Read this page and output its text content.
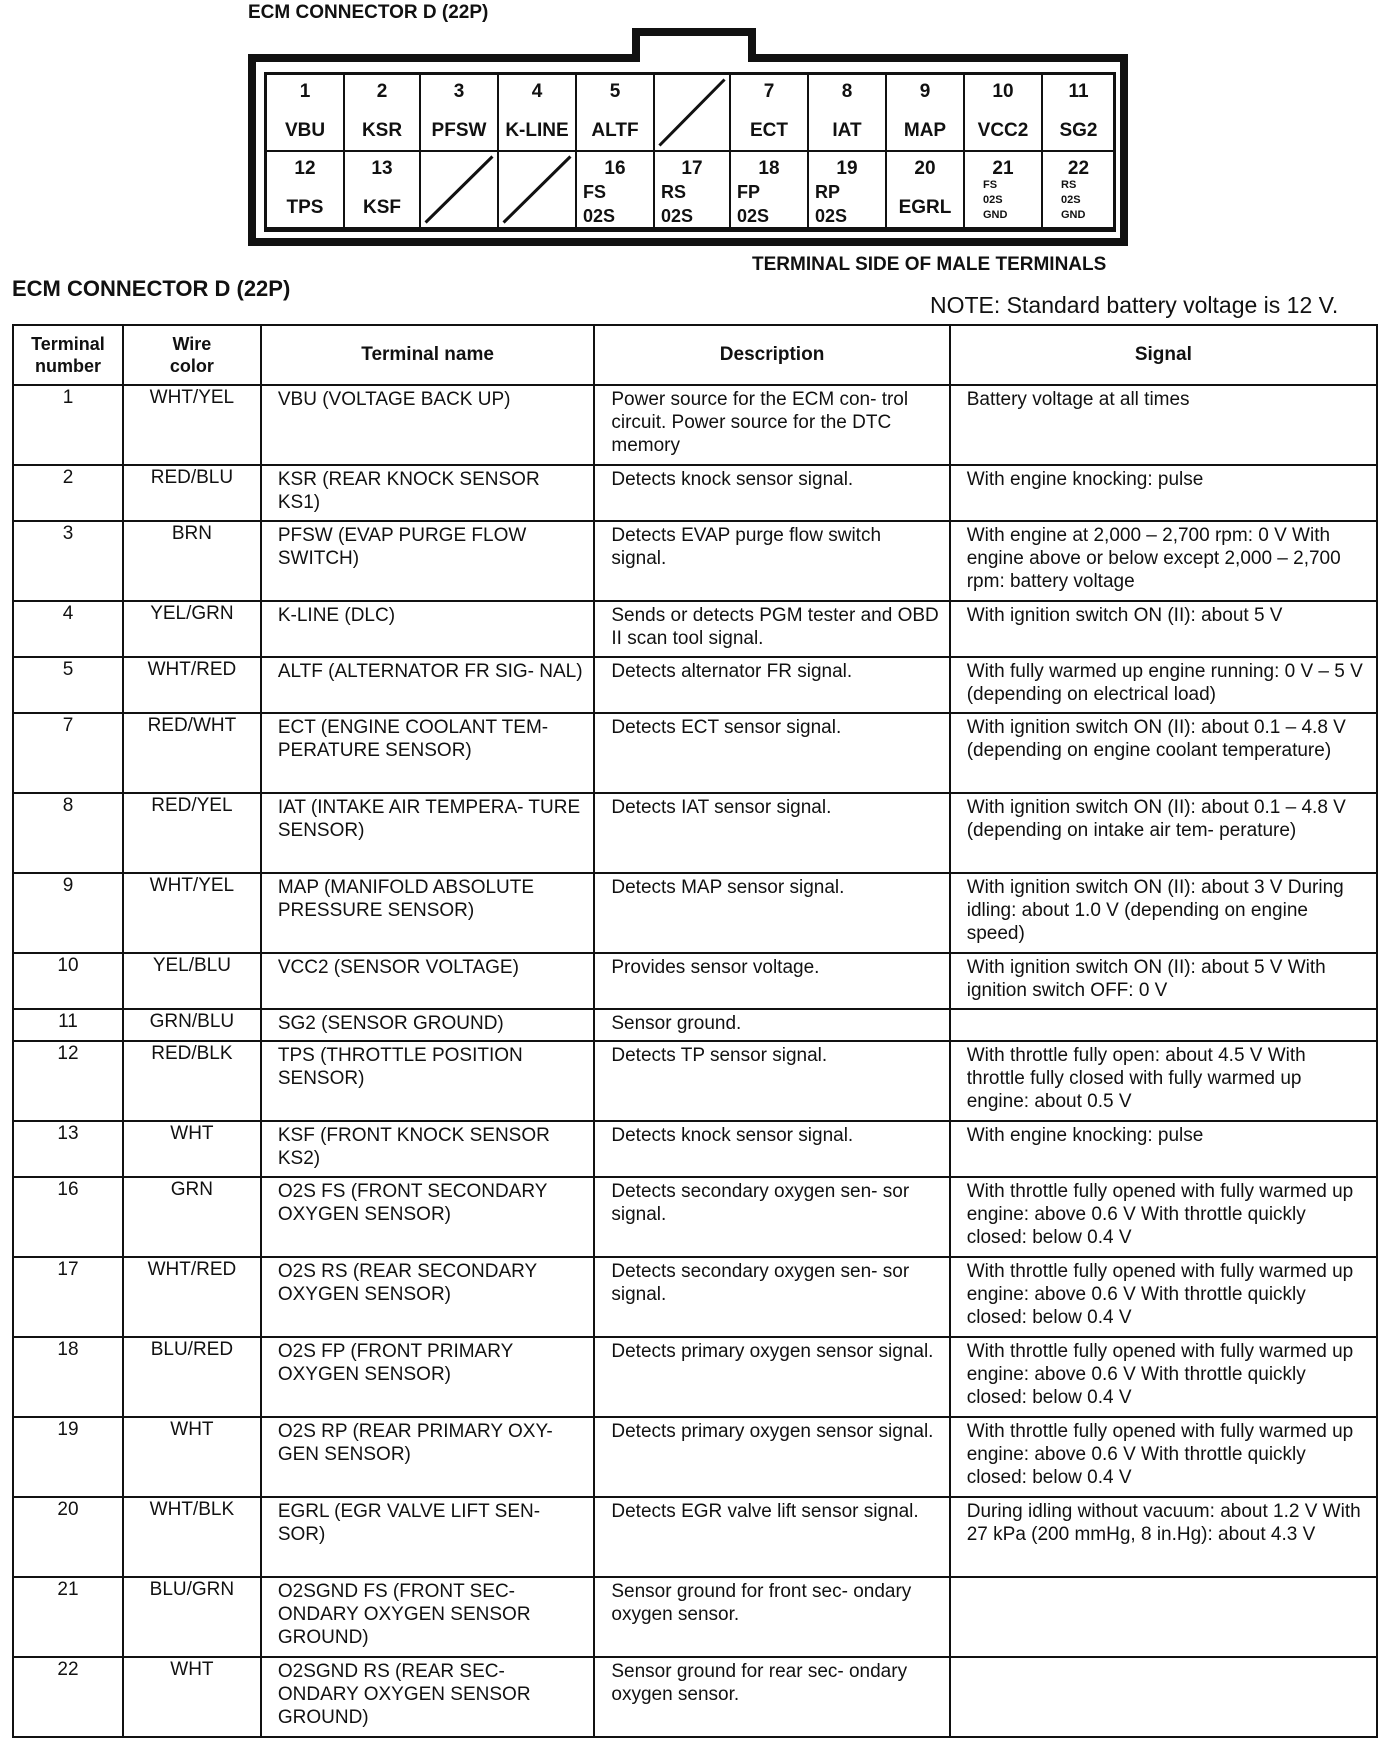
ECM CONNECTOR D (22P)
1
VBU
2
KSR
3
PFSW
4
K-LINE
5
ALTF
7
ECT
8
IAT
9
MAP
10
VCC2
11
SG2
12
TPS
13
KSF
16
FS
02S
17
RS
02S
18
FP
02S
19
RP
02S
20
EGRL
21
FS
02S
GND
22
RS
02S
GND
TERMINAL SIDE OF MALE TERMINALS
ECM CONNECTOR D (22P)
NOTE: Standard battery voltage is 12 V.
Terminal number	Wire color	Terminal name	Description	Signal
1	WHT/YEL	VBU (VOLTAGE BACK UP)	Power source for the ECM con- trol circuit. Power source for the DTC memory	Battery voltage at all times
2	RED/BLU	KSR (REAR KNOCK SENSOR KS1)	Detects knock sensor signal.	With engine knocking: pulse
3	BRN	PFSW (EVAP PURGE FLOW SWITCH)	Detects EVAP purge flow switch signal.	With engine at 2,000 – 2,700 rpm: 0 V With engine above or below except 2,000 – 2,700 rpm: battery voltage
4	YEL/GRN	K-LINE (DLC)	Sends or detects PGM tester and OBD II scan tool signal.	With ignition switch ON (II): about 5 V
5	WHT/RED	ALTF (ALTERNATOR FR SIG- NAL)	Detects alternator FR signal.	With fully warmed up engine running: 0 V – 5 V (depending on electrical load)
7	RED/WHT	ECT (ENGINE COOLANT TEM- PERATURE SENSOR)	Detects ECT sensor signal.	With ignition switch ON (II): about 0.1 – 4.8 V (depending on engine coolant temperature)
8	RED/YEL	IAT (INTAKE AIR TEMPERA- TURE SENSOR)	Detects IAT sensor signal.	With ignition switch ON (II): about 0.1 – 4.8 V (depending on intake air tem- perature)
9	WHT/YEL	MAP (MANIFOLD ABSOLUTE PRESSURE SENSOR)	Detects MAP sensor signal.	With ignition switch ON (II): about 3 V During idling: about 1.0 V (depending on engine speed)
10	YEL/BLU	VCC2 (SENSOR VOLTAGE)	Provides sensor voltage.	With ignition switch ON (II): about 5 V With ignition switch OFF: 0 V
11	GRN/BLU	SG2 (SENSOR GROUND)	Sensor ground.	
12	RED/BLK	TPS (THROTTLE POSITION SENSOR)	Detects TP sensor signal.	With throttle fully open: about 4.5 V With throttle fully closed with fully warmed up engine: about 0.5 V
13	WHT	KSF (FRONT KNOCK SENSOR KS2)	Detects knock sensor signal.	With engine knocking: pulse
16	GRN	O2S FS (FRONT SECONDARY OXYGEN SENSOR)	Detects secondary oxygen sen- sor signal.	With throttle fully opened with fully warmed up engine: above 0.6 V With throttle quickly closed: below 0.4 V
17	WHT/RED	O2S RS (REAR SECONDARY OXYGEN SENSOR)	Detects secondary oxygen sen- sor signal.	With throttle fully opened with fully warmed up engine: above 0.6 V With throttle quickly closed: below 0.4 V
18	BLU/RED	O2S FP (FRONT PRIMARY OXYGEN SENSOR)	Detects primary oxygen sensor signal.	With throttle fully opened with fully warmed up engine: above 0.6 V With throttle quickly closed: below 0.4 V
19	WHT	O2S RP (REAR PRIMARY OXY- GEN SENSOR)	Detects primary oxygen sensor signal.	With throttle fully opened with fully warmed up engine: above 0.6 V With throttle quickly closed: below 0.4 V
20	WHT/BLK	EGRL (EGR VALVE LIFT SEN- SOR)	Detects EGR valve lift sensor signal.	During idling without vacuum: about 1.2 V With 27 kPa (200 mmHg, 8 in.Hg): about 4.3 V
21	BLU/GRN	O2SGND FS (FRONT SEC- ONDARY OXYGEN SENSOR GROUND)	Sensor ground for front sec- ondary oxygen sensor.	
22	WHT	O2SGND RS (REAR SEC- ONDARY OXYGEN SENSOR GROUND)	Sensor ground for rear sec- ondary oxygen sensor.	
